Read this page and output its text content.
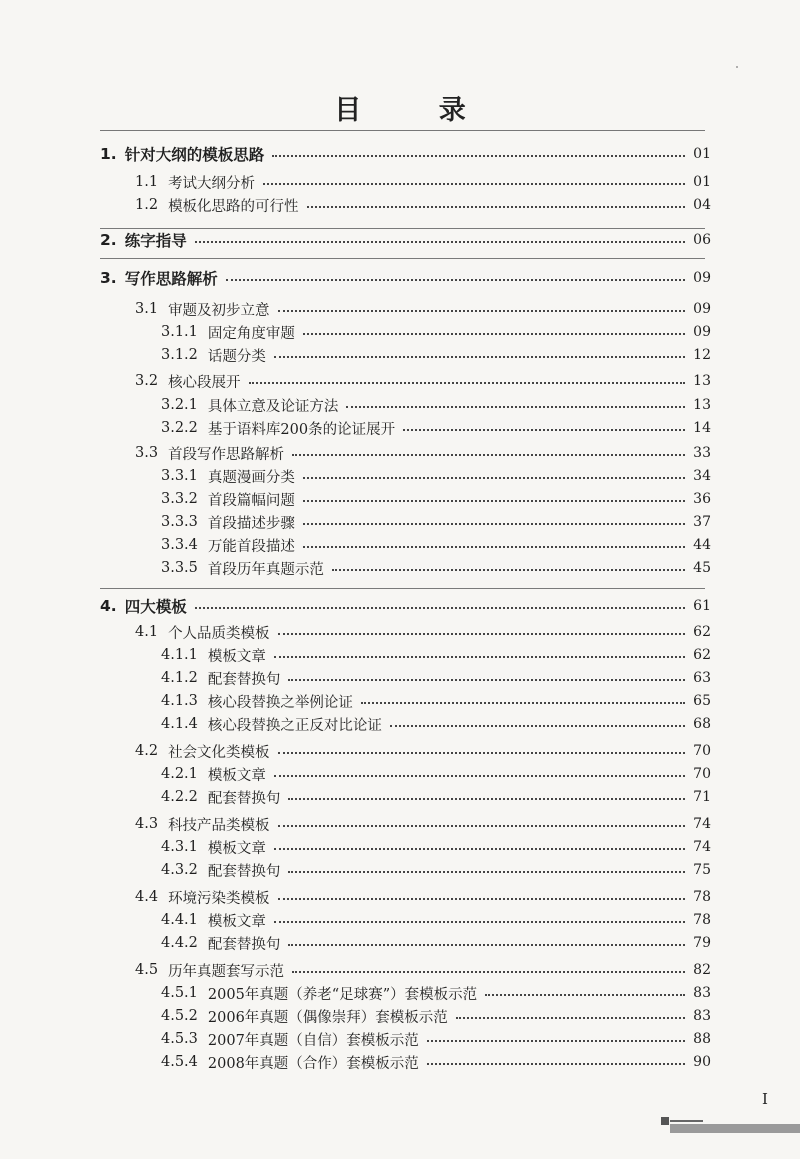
目 录
1. 针对大纲的模板思路	01
1.1 考试大纲分析	01
1.2 模板化思路的可行性	04
2. 练字指导	06
3. 写作思路解析	09
3.1 审题及初步立意	09
3.1.1 固定角度审题	09
3.1.2 话题分类	12
3.2 核心段展开	13
3.2.1 具体立意及论证方法	13
3.2.2 基于语料库200条的论证展开	14
3.3 首段写作思路解析	33
3.3.1 真题漫画分类	34
3.3.2 首段篇幅问题	36
3.3.3 首段描述步骤	37
3.3.4 万能首段描述	44
3.3.5 首段历年真题示范	45
4. 四大模板	61
4.1 个人品质类模板	62
4.1.1 模板文章	62
4.1.2 配套替换句	63
4.1.3 核心段替换之举例论证	65
4.1.4 核心段替换之正反对比论证	68
4.2 社会文化类模板	70
4.2.1 模板文章	70
4.2.2 配套替换句	71
4.3 科技产品类模板	74
4.3.1 模板文章	74
4.3.2 配套替换句	75
4.4 环境污染类模板	78
4.4.1 模板文章	78
4.4.2 配套替换句	79
4.5 历年真题套写示范	82
4.5.1 2005年真题（养老“足球赛”）套模板示范	83
4.5.2 2006年真题（偶像崇拜）套模板示范	83
4.5.3 2007年真题（自信）套模板示范	88
4.5.4 2008年真题（合作）套模板示范	90
I
